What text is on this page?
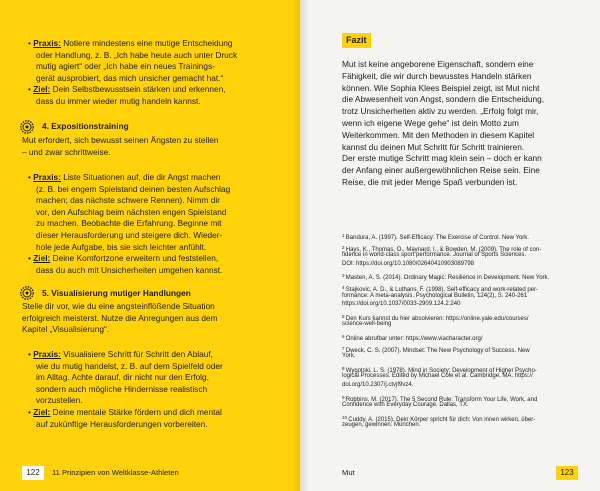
• Praxis: Notiere mindestens eine mutige Entscheidung
oder Handlung, z. B. „Ich habe heute auch unter Druck
mutig agiert“ oder „Ich habe ein neues Trainings-
gerät ausprobiert, das mich unsicher gemacht hat.“
• Ziel: Dein Selbstbewusstsein stärken und erkennen,
dass du immer wieder mutig handeln kannst.
4. Expositionstraining
Mut erfordert, sich bewusst seinen Ängsten zu stellen
– und zwar schrittweise.
• Praxis: Liste Situationen auf, die dir Angst machen
(z. B. bei engem Spielstand deinen besten Aufschlag
machen; das nächste schwere Rennen). Nimm dir
vor, den Aufschlag beim nächsten engen Spielstand
zu machen. Beobachte die Erfahrung. Beginne mit
dieser Herausforderung und steigere dich. Wieder-
hole jede Aufgabe, bis sie sich leichter anfühlt.
• Ziel: Deine Komfortzone erweitern und feststellen,
dass du auch mit Unsicherheiten umgehen kannst.
5. Visualisierung mutiger Handlungen
Stelle dir vor, wie du eine angsteinflößende Situation
erfolgreich meisterst. Nutze die Anregungen aus dem
Kapitel „Visualisierung“.
• Praxis: Visualisiere Schritt für Schritt den Ablauf,
wie du mutig handelst, z. B. auf dem Spielfeld oder
im Alltag. Achte darauf, dir nicht nur den Erfolg,
sondern auch mögliche Hindernisse realistisch
vorzustellen.
• Ziel: Deine mentale Stärke fördern und dich mental
auf zukünftige Herausforderungen vorbereiten.
122	11 Prinzipien von Weltklasse-Athleten
Fazit
Mut ist keine angeborene Eigenschaft, sondern eine
Fähigkeit, die wir durch bewusstes Handeln stärken
können. Wie Sophia Klees Beispiel zeigt, ist Mut nicht
die Abwesenheit von Angst, sondern die Entscheidung,
trotz Unsicherheiten aktiv zu werden. „Erfolg folgt mir,
wenn ich eigene Wege gehe“ ist dein Motto zum
Weiterkommen. Mit den Methoden in diesem Kapitel
kannst du deinen Mut Schritt für Schritt trainieren.
Der erste mutige Schritt mag klein sein – doch er kann
der Anfang einer außergewöhnlichen Reise sein. Eine
Reise, die mit jeder Menge Spaß verbunden ist.
$^1$ Bandura, A. (1997). Self-Efficacy: The Exercise of Control. New York.
$^2$ Hays, K., Thomas, O., Maynard, I., & Bowden, M. (2009). The role of con-
fidence in world-class sport performance. Journal of Sports Sciences.
DOI: https://doi.org/10.1080/02640410903089798
$^3$ Masten, A. S. (2014). Ordinary Magic: Resilience in Development. New York.
$^4$ Stajkovic, A. D., & Luthans, F. (1998). Self-efficacy and work-related per-
formance: A meta-analysis. Psychological Bulletin, 124(2), S. 240-261
https://doi.org/10.1037/0033-2909.124.2.240
$^5$ Den Kurs kannst du hier absolvieren: https://online.yale.edu/courses/
science-well-being
$^6$ Online abrufbar unter: https://www.viacharacter.org/
$^7$ Dweck, C. S. (2007). Mindset: The New Psychology of Success. New
York.
$^8$ Wygotski, L. S. (1978). Mind in Society: Development of Higher Psycho-
logical Processes. Edited by Michael Cole et al. Cambridge, MA. https://
doi.org/10.2307/j.ctvjf9vz4.
$^9$ Robbins, M. (2017). The 5 Second Rule: Transform Your Life, Work, and
Confidence with Everyday Courage. Dallas, TX.
$^{10}$ Cuddy, A. (2015). Dein Körper spricht für dich: Von innen wirken, über-
zeugen, gewinnen. München.
Mut	123
